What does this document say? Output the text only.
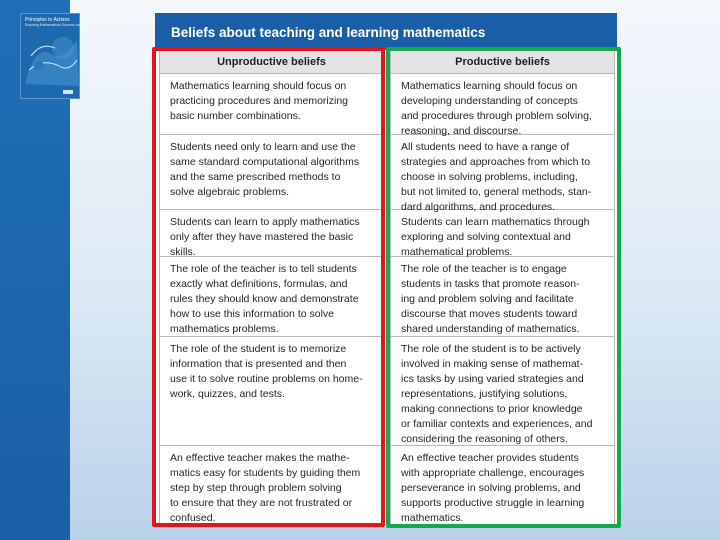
Principles to Actions
Ensuring Mathematical Success for All	Beliefs about teaching and learning mathematics
Unproductive beliefs
Mathematics learning should focus on
practicing procedures and memorizing
basic number combinations.
Students need only to learn and use the
same standard computational algorithms
and the same prescribed methods to
solve algebraic problems.
Students can learn to apply mathematics
only after they have mastered the basic
skills.
The role of the teacher is to tell students
exactly what definitions, formulas, and
rules they should know and demonstrate
how to use this information to solve
mathematics problems.
The role of the student is to memorize
information that is presented and then
use it to solve routine problems on home-
work, quizzes, and tests.
An effective teacher makes the mathe-
matics easy for students by guiding them
step by step through problem solving
to ensure that they are not frustrated or
confused.
Productive beliefs
Mathematics learning should focus on
developing understanding of concepts
and procedures through problem solving,
reasoning, and discourse.
All students need to have a range of
strategies and approaches from which to
choose in solving problems, including,
but not limited to, general methods, stan-
dard algorithms, and procedures.
Students can learn mathematics through
exploring and solving contextual and
mathematical problems.
The role of the teacher is to engage
students in tasks that promote reason-
ing and problem solving and facilitate
discourse that moves students toward
shared understanding of mathematics.
The role of the student is to be actively
involved in making sense of mathemat-
ics tasks by using varied strategies and
representations, justifying solutions,
making connections to prior knowledge
or familiar contexts and experiences, and
considering the reasoning of others.
An effective teacher provides students
with appropriate challenge, encourages
perseverance in solving problems, and
supports productive struggle in learning
mathematics.
